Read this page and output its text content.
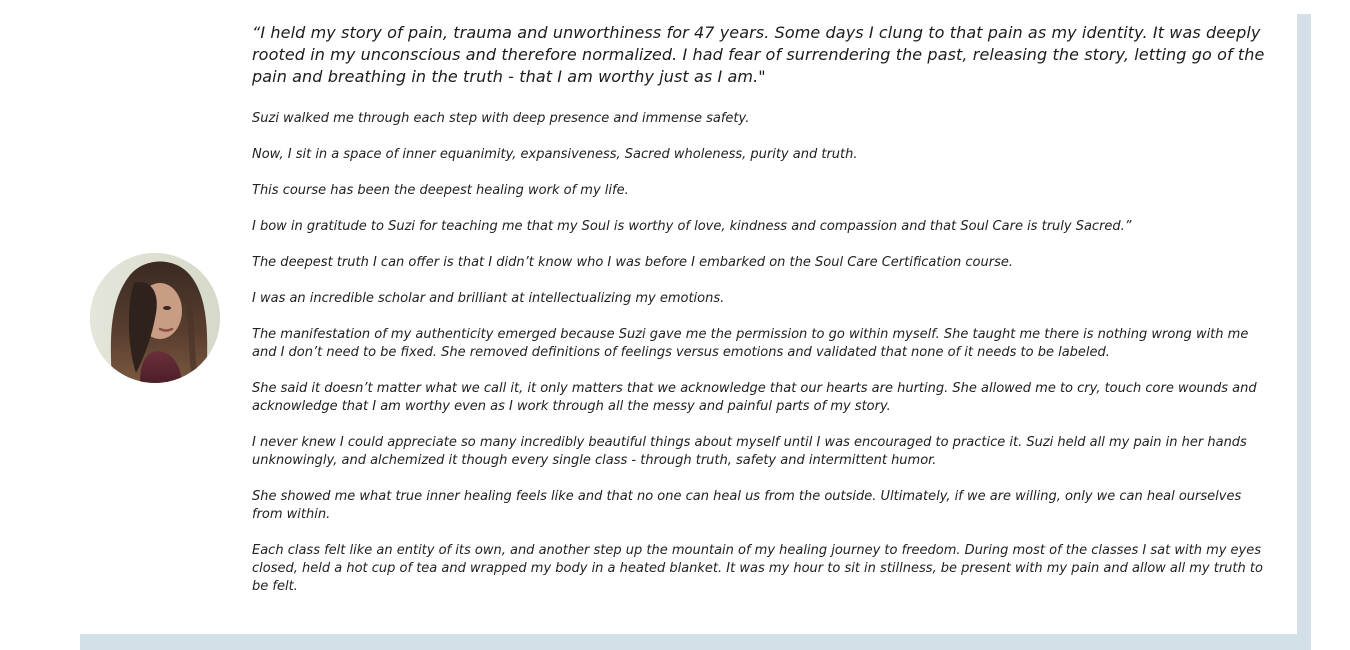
“I held my story of pain, trauma and unworthiness for 47 years. Some days I clung to that pain as my identity. It was deeply rooted in my unconscious and therefore normalized. I had fear of surrendering the past, releasing the story, letting go of the pain and breathing in the truth - that I am worthy just as I am."

Suzi walked me through each step with deep presence and immense safety.

Now, I sit in a space of inner equanimity, expansiveness, Sacred wholeness, purity and truth.

This course has been the deepest healing work of my life.

I bow in gratitude to Suzi for teaching me that my Soul is worthy of love, kindness and compassion and that Soul Care is truly Sacred.”

The deepest truth I can offer is that I didn’t know who I was before I embarked on the Soul Care Certification course.

I was an incredible scholar and brilliant at intellectualizing my emotions.

The manifestation of my authenticity emerged because Suzi gave me the permission to go within myself. She taught me there is nothing wrong with me and I don’t need to be fixed. She removed definitions of feelings versus emotions and validated that none of it needs to be labeled.

She said it doesn’t matter what we call it, it only matters that we acknowledge that our hearts are hurting. She allowed me to cry, touch core wounds and acknowledge that I am worthy even as I work through all the messy and painful parts of my story.

I never knew I could appreciate so many incredibly beautiful things about myself until I was encouraged to practice it. Suzi held all my pain in her hands unknowingly, and alchemized it though every single class - through truth, safety and intermittent humor.

She showed me what true inner healing feels like and that no one can heal us from the outside. Ultimately, if we are willing, only we can heal ourselves from within.

Each class felt like an entity of its own, and another step up the mountain of my healing journey to freedom. During most of the classes I sat with my eyes closed, held a hot cup of tea and wrapped my body in a heated blanket. It was my hour to sit in stillness, be present with my pain and allow all my truth to be felt.
